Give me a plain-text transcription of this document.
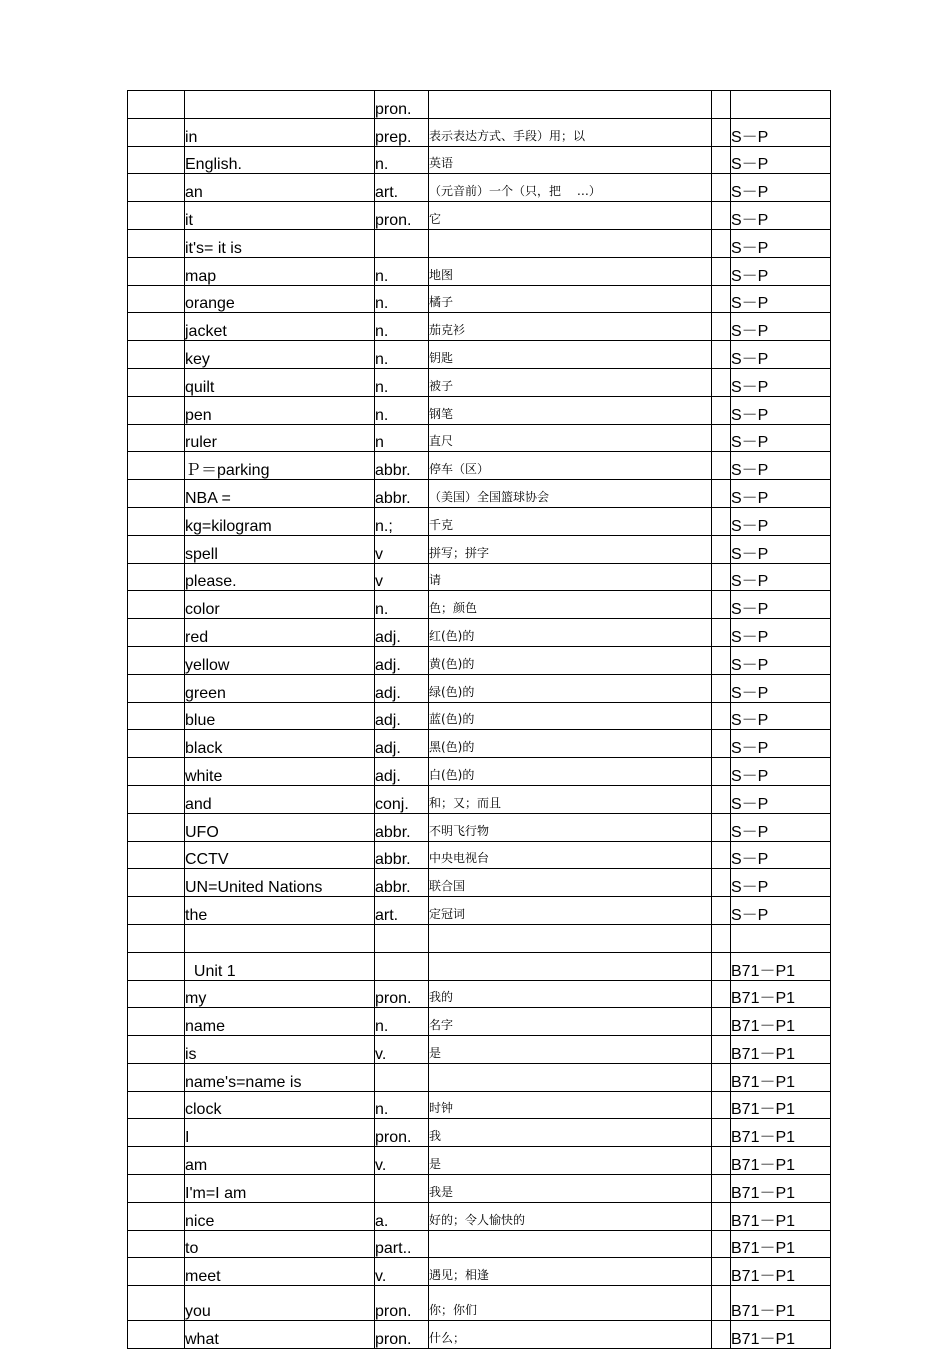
		pron.			
	in	prep.	表示表达方式、手段）用；以		S－P
	English.	n.	英语		S－P
	an	art.	（元音前）一个（只，把　 …）		S－P
	it	pron.	它		S－P
	it's= it is				S－P
	map	n.	地图		S－P
	orange	n.	橘子		S－P
	jacket	n.	茄克衫		S－P
	key	n.	钥匙		S－P
	quilt	n.	被子		S－P
	pen	n.	钢笔		S－P
	ruler	n	直尺		S－P
	Ｐ＝parking	abbr.	停车（区）		S－P
	NBA =	abbr.	（美国）全国篮球协会		S－P
	kg=kilogram	n.;	千克		S－P
	spell	v	拼写；拼字		S－P
	please.	v	请		S－P
	color	n.	色；颜色		S－P
	red	adj.	红(色)的		S－P
	yellow	adj.	黄(色)的		S－P
	green	adj.	绿(色)的		S－P
	blue	adj.	蓝(色)的		S－P
	black	adj.	黑(色)的		S－P
	white	adj.	白(色)的		S－P
	and	conj.	和；又；而且		S－P
	UFO	abbr.	不明飞行物		S－P
	CCTV	abbr.	中央电视台		S－P
	UN=United Nations	abbr.	联合国		S－P
	the	art.	定冠词		S－P

	Unit 1				B71－P1
	my	pron.	我的		B71－P1
	name	n.	名字		B71－P1
	is	v.	是		B71－P1
	name's=name is				B71－P1
	clock	n.	时钟		B71－P1
	I	pron.	我		B71－P1
	am	v.	是		B71－P1
	I'm=I am		我是		B71－P1
	nice	a.	好的；令人愉快的		B71－P1
	to	part..			B71－P1
	meet	v.	遇见；相逢		B71－P1
	you	pron.	你；你们		B71－P1
	what	pron.	什么；		B71－P1
